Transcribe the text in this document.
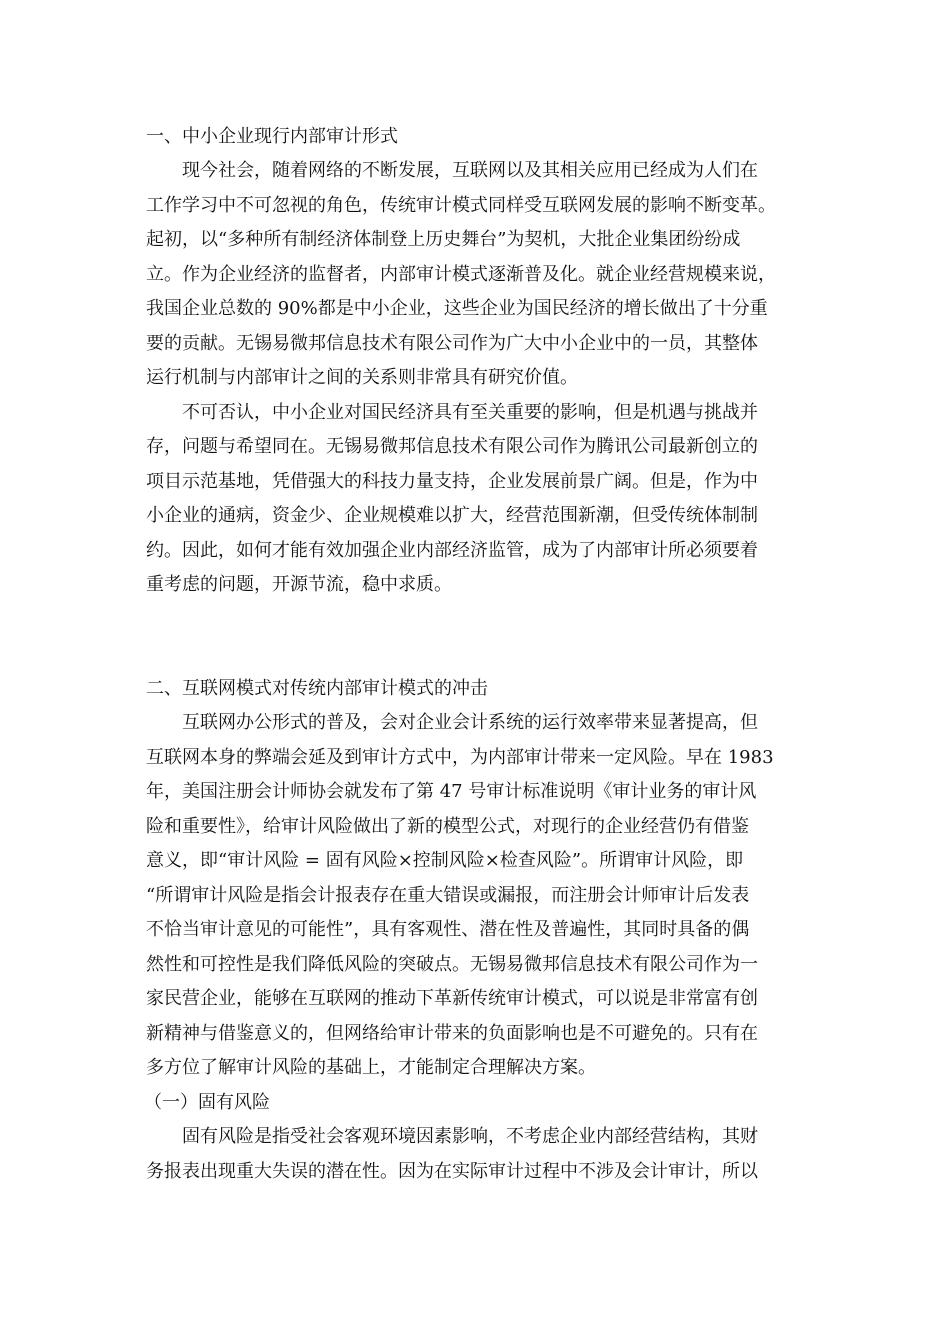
一、中小企业现行内部审计形式
现今社会，随着网络的不断发展，互联网以及其相关应用已经成为人们在
工作学习中不可忽视的角色，传统审计模式同样受互联网发展的影响不断变革。
起初，以“多种所有制经济体制登上历史舞台”为契机，大批企业集团纷纷成
立。作为企业经济的监督者，内部审计模式逐渐普及化。就企业经营规模来说，
我国企业总数的 90%都是中小企业，这些企业为国民经济的增长做出了十分重
要的贡献。无锡易微邦信息技术有限公司作为广大中小企业中的一员，其整体
运行机制与内部审计之间的关系则非常具有研究价值。
不可否认，中小企业对国民经济具有至关重要的影响，但是机遇与挑战并
存，问题与希望同在。无锡易微邦信息技术有限公司作为腾讯公司最新创立的
项目示范基地，凭借强大的科技力量支持，企业发展前景广阔。但是，作为中
小企业的通病，资金少、企业规模难以扩大，经营范围新潮，但受传统体制制
约。因此，如何才能有效加强企业内部经济监管，成为了内部审计所必须要着
重考虑的问题，开源节流，稳中求质。
二、互联网模式对传统内部审计模式的冲击
互联网办公形式的普及，会对企业会计系统的运行效率带来显著提高，但
互联网本身的弊端会延及到审计方式中，为内部审计带来一定风险。早在 1983
年，美国注册会计师协会就发布了第 47 号审计标准说明《审计业务的审计风
险和重要性》，给审计风险做出了新的模型公式，对现行的企业经营仍有借鉴
意义，即“审计风险 = 固有风险×控制风险×检查风险”。所谓审计风险，即
“所谓审计风险是指会计报表存在重大错误或漏报，而注册会计师审计后发表
不恰当审计意见的可能性”，具有客观性、潜在性及普遍性，其同时具备的偶
然性和可控性是我们降低风险的突破点。无锡易微邦信息技术有限公司作为一
家民营企业，能够在互联网的推动下革新传统审计模式，可以说是非常富有创
新精神与借鉴意义的，但网络给审计带来的负面影响也是不可避免的。只有在
多方位了解审计风险的基础上，才能制定合理解决方案。
（一）固有风险
固有风险是指受社会客观环境因素影响，不考虑企业内部经营结构，其财
务报表出现重大失误的潜在性。因为在实际审计过程中不涉及会计审计，所以
